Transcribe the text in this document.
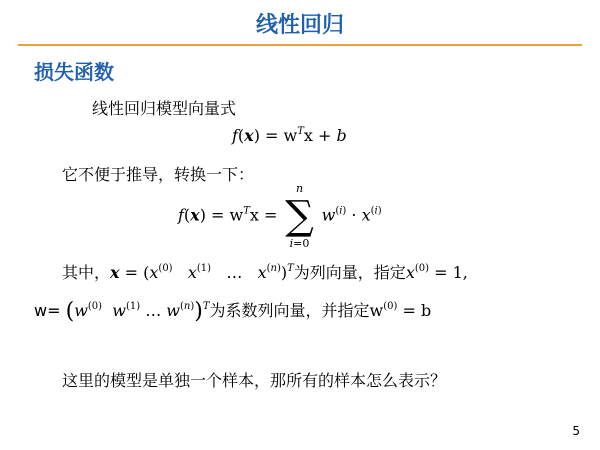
线性回归
损失函数
线性回归模型向量式
$f(x) = w^Tx + b$
它不便于推导，转换一下：
$f(x) = w^Tx$ =
n
∑
i=0
$w^{(i)} \cdot x^{(i)}$
其中，$x = (x^{(0)}$ $x^{(1)}$   …   $x^{(n)})^T$为列向量，指定$x^{(0)} = 1$,
$w= (w^{(0)}$ $w^{(1)}$ … $w^{(n)})^T$为系数列向量，并指定$w^{(0)} = b$
这里的模型是单独一个样本，那所有的样本怎么表示？
5
